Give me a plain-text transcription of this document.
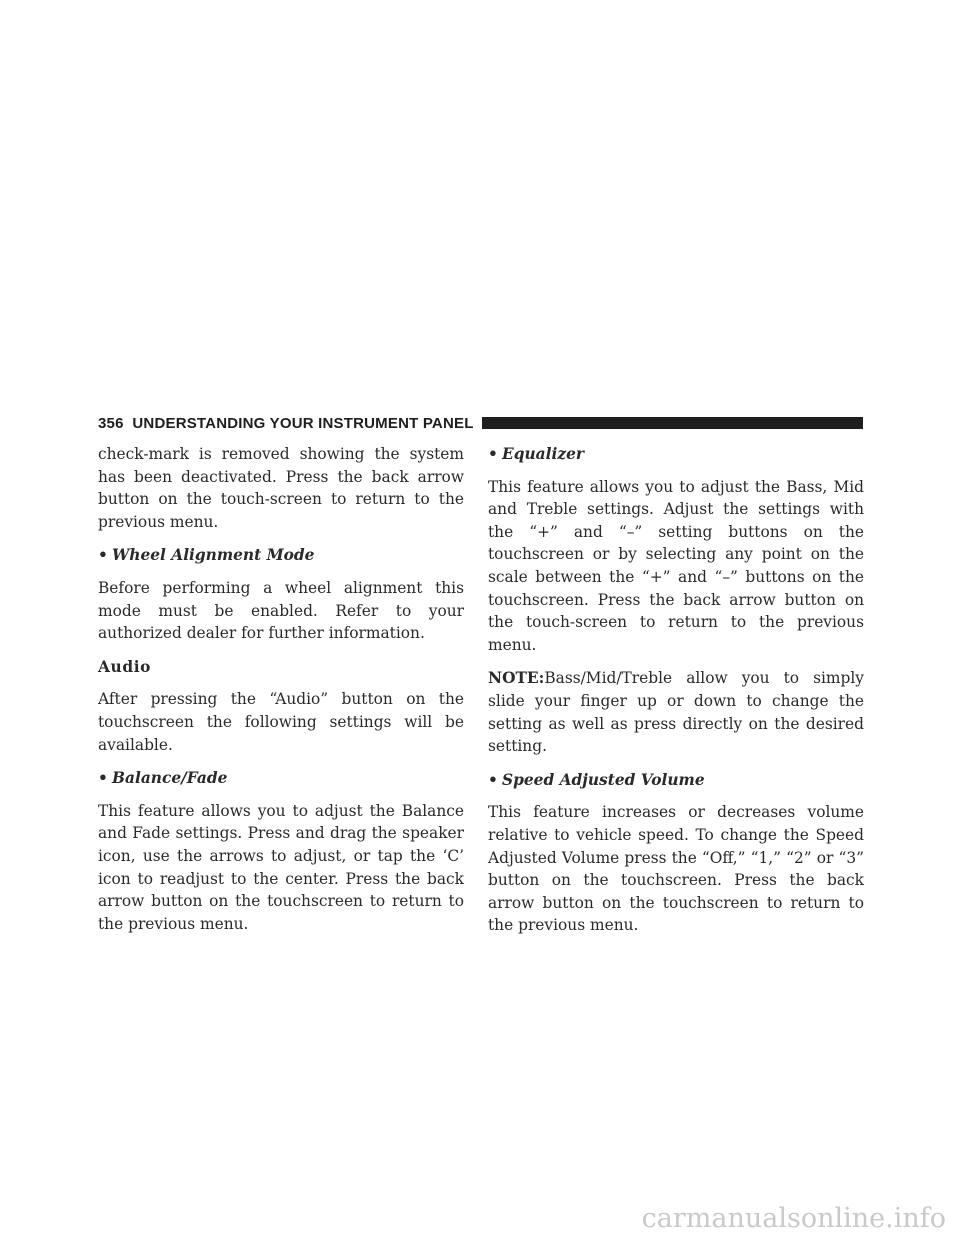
356 UNDERSTANDING YOUR INSTRUMENT PANEL

check-mark is removed showing the system has been deactivated. Press the back arrow button on the touch-screen to return to the previous menu.

• Wheel Alignment Mode

Before performing a wheel alignment this mode must be enabled. Refer to your authorized dealer for further information.

Audio

After pressing the “Audio” button on the touchscreen the following settings will be available.

• Balance/Fade

This feature allows you to adjust the Balance and Fade settings. Press and drag the speaker icon, use the arrows to adjust, or tap the ‘C’ icon to readjust to the center. Press the back arrow button on the touchscreen to return to the previous menu.

• Equalizer

This feature allows you to adjust the Bass, Mid and Treble settings. Adjust the settings with the “+” and “–” setting buttons on the touchscreen or by selecting any point on the scale between the “+” and “–” buttons on the touchscreen. Press the back arrow button on the touch-screen to return to the previous menu.

NOTE:Bass/Mid/Treble allow you to simply slide your finger up or down to change the setting as well as press directly on the desired setting.

• Speed Adjusted Volume

This feature increases or decreases volume relative to vehicle speed. To change the Speed Adjusted Volume press the “Off,” “1,” “2” or “3” button on the touchscreen. Press the back arrow button on the touchscreen to return to the previous menu.

carmanualsonline.info
